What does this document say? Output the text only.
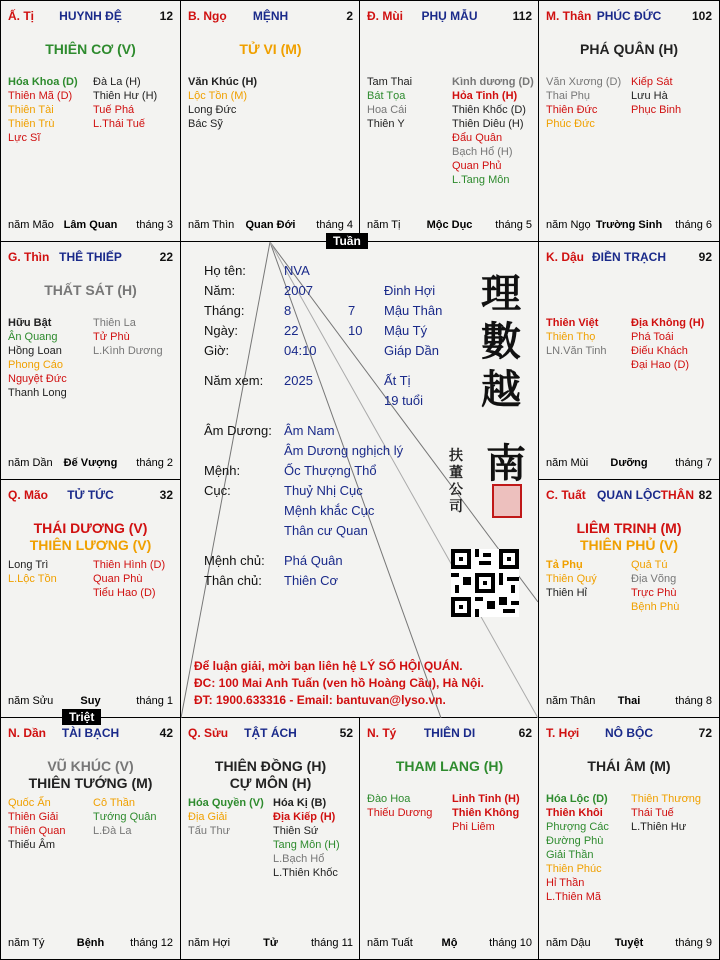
HUYNH ĐỆ
Ấ. Tị	12
THIÊN CƠ (V)
Hóa Khoa (D)
Thiên Mã (D)
Thiên Tài
Thiên Trù
Lực Sĩ
Đà La (H)
Thiên Hư (H)
Tuế Phá
L.Thái Tuế
Lâm Quan
năm Mão	tháng 3
MỆNH
B. Ngọ	2
TỬ VI (M)
Văn Khúc (H)
Lộc Tồn (M)
Long Đức
Bác Sỹ
Quan Đới
năm Thìn	tháng 4
PHỤ MẪU
Đ. Mùi	112
Tam Thai
Bát Tọa
Hoa Cái
Thiên Y
Kình dương (D)
Hỏa Tinh (H)
Thiên Khốc (D)
Thiên Diêu (H)
Đẩu Quân
Bạch Hổ (H)
Quan Phủ
L.Tang Môn
Mộc Dục
năm Tị	tháng 5
PHÚC ĐỨC
M. Thân	102
PHÁ QUÂN (H)
Văn Xương (D)
Thai Phụ
Thiên Đức
Phúc Đức
Kiếp Sát
Lưu Hà
Phục Binh
Trường Sinh
năm Ngọ	tháng 6
THÊ THIẾP
G. Thìn	22
THẤT SÁT (H)
Hữu Bật
Ân Quang
Hồng Loan
Phong Cáo
Nguyệt Đức
Thanh Long
Thiên La
Tử Phù
L.Kình Dương
Đế Vượng
năm Dần	tháng 2
ĐIỀN TRẠCH
K. Dậu	92
Thiên Việt
Thiên Thọ
LN.Văn Tinh
Địa Không (H)
Phá Toái
Điếu Khách
Đại Hao (D)
Dưỡng
năm Mùi	tháng 7
TỬ TỨC
Q. Mão	32
THÁI DƯƠNG (V)
THIÊN LƯƠNG (V)
Long Trì
L.Lộc Tồn
Thiên Hình (D)
Quan Phù
Tiểu Hao (D)
Suy
năm Sửu	tháng 1
QUAN LỘC
C. Tuất	THÂN 82
LIÊM TRINH (M)
THIÊN PHỦ (V)
Tả Phụ
Thiên Quý
Thiên Hỉ
Quả Tú
Địa Võng
Trực Phù
Bệnh Phù
Thai
năm Thân	tháng 8
TÀI BẠCH
N. Dần	42
VŨ KHÚC (V)
THIÊN TƯỚNG (M)
Quốc Ấn
Thiên Giải
Thiên Quan
Thiếu Âm
Cô Thần
Tướng Quân
L.Đà La
Bệnh
năm Tý	tháng 12
TẬT ÁCH
Q. Sửu	52
THIÊN ĐỒNG (H)
CỰ MÔN (H)
Hóa Quyền (V)
Địa Giải
Tấu Thư
Hóa Kị (B)
Địa Kiếp (H)
Thiên Sứ
Tang Môn (H)
L.Bạch Hổ
L.Thiên Khốc
Tử
năm Hợi	tháng 11
THIÊN DI
N. Tý	62
THAM LANG (H)
Đào Hoa
Thiếu Dương
Linh Tinh (H)
Thiên Không
Phi Liêm
Mộ
năm Tuất	tháng 10
NÔ BỘC
T. Hợi	72
THÁI ÂM (M)
Hóa Lộc (D)
Thiên Khôi
Phượng Các
Đường Phù
Giải Thần
Thiên Phúc
Hỉ Thần
L.Thiên Mã
Thiên Thương
Thái Tuế
L.Thiên Hư
Tuyệt
năm Dậu	tháng 9
Họ tên:	NVA
Năm:	2007	Đinh Hợi
Tháng:	8	7 Mậu Thân
Ngày:	22	10 Mậu Tý
Giờ:	04:10	Giáp Dần
Năm xem: 2025	Ất Tị
19 tuổi
Âm Dương: Âm Nam
Âm Dương nghịch lý
Mệnh:	Ốc Thượng Thổ
Cục:	Thuỷ Nhị Cục
Mệnh khắc Cục
Thân cư Quan
Mệnh chủ: Phá Quân
Thân chủ: Thiên Cơ
理
數
越
南
扶董公司
Để luận giải, mời bạn liên hệ LÝ SỐ HỘI QUÁN.
ĐC: 100 Mai Anh Tuấn (ven hồ Hoàng Cầu), Hà Nội.
ĐT: 1900.633316 - Email: bantuvan@lyso.vn.
Tuần
Triệt
